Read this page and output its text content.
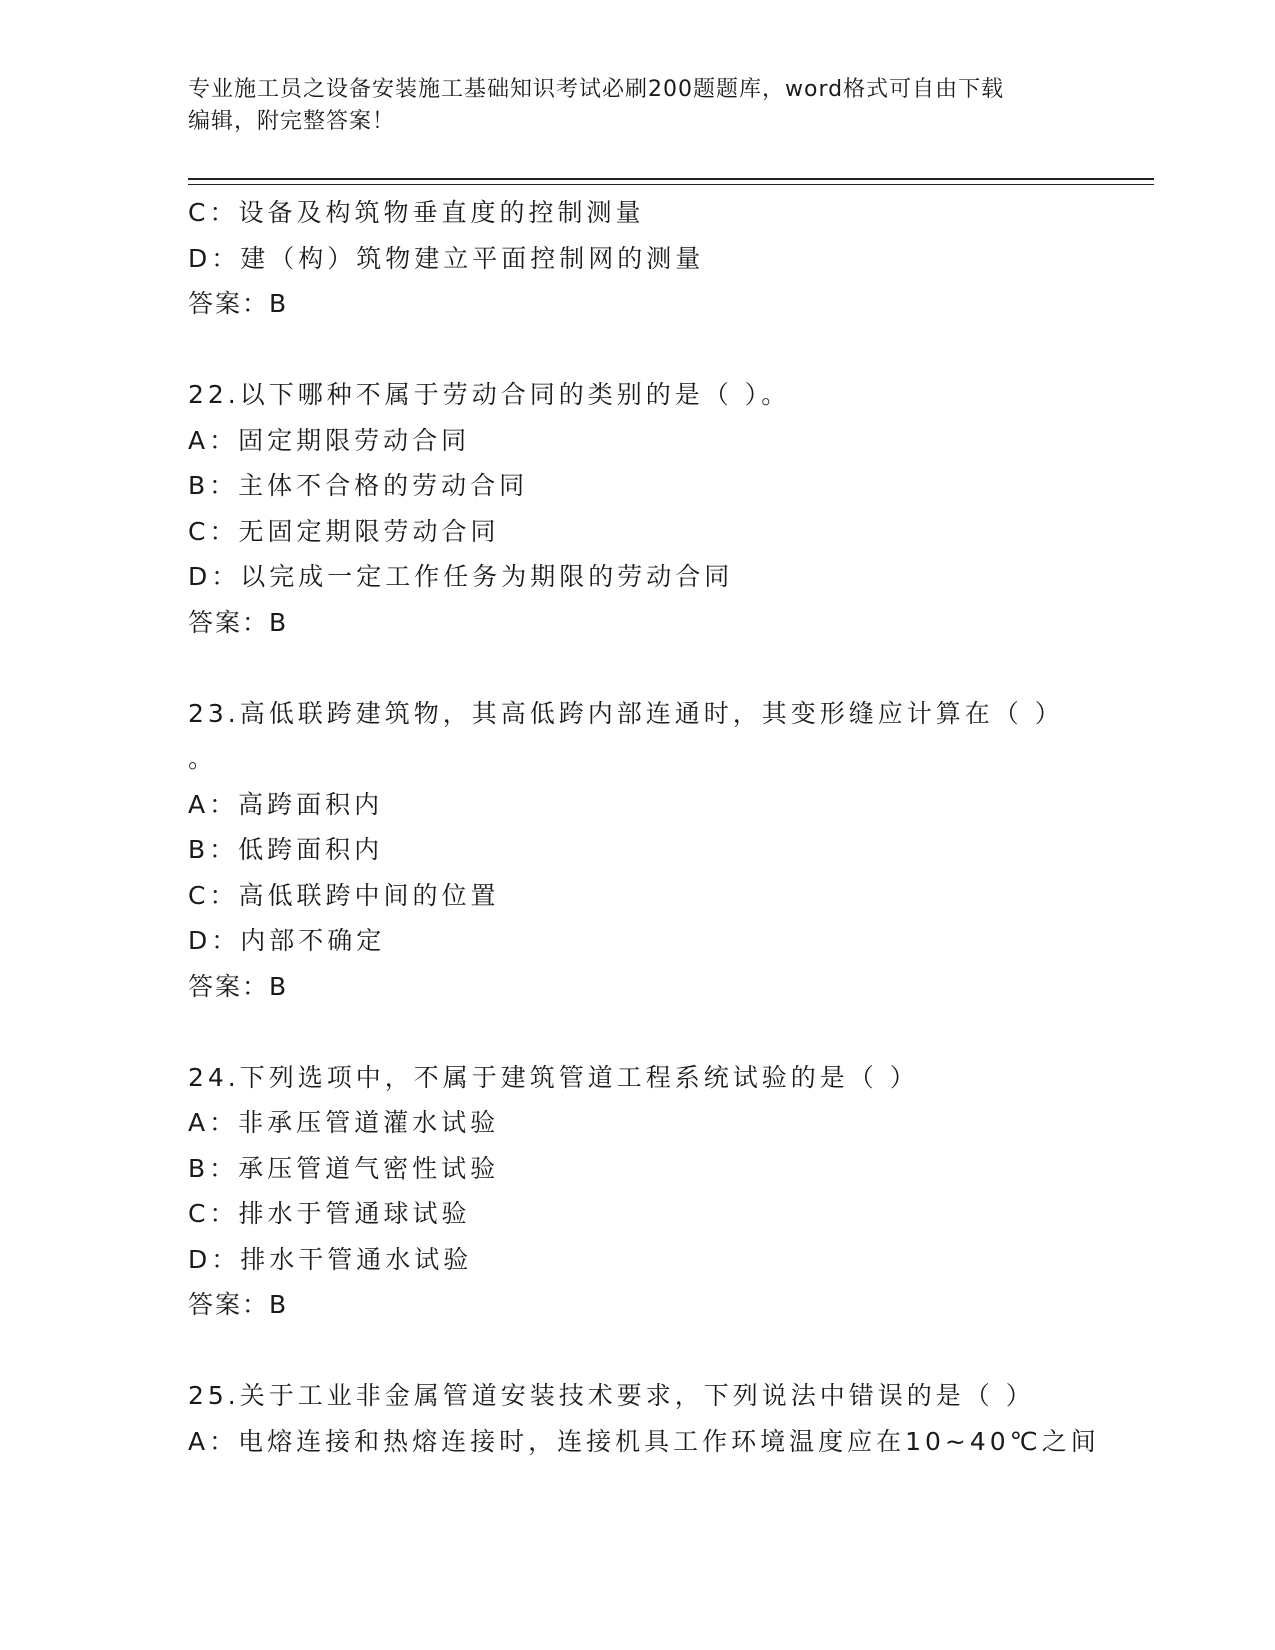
专业施工员之设备安装施工基础知识考试必刷200题题库，word格式可自由下载
编辑，附完整答案！
C：设备及构筑物垂直度的控制测量
D：建（构）筑物建立平面控制网的测量
答案：B
22.以下哪种不属于劳动合同的类别的是（ ）。
A：固定期限劳动合同
B：主体不合格的劳动合同
C：无固定期限劳动合同
D：以完成一定工作任务为期限的劳动合同
答案：B
23.高低联跨建筑物，其高低跨内部连通时，其变形缝应计算在（ ）
。
A：高跨面积内
B：低跨面积内
C：高低联跨中间的位置
D：内部不确定
答案：B
24.下列选项中，不属于建筑管道工程系统试验的是（ ）
A：非承压管道灌水试验
B：承压管道气密性试验
C：排水于管通球试验
D：排水干管通水试验
答案：B
25.关于工业非金属管道安装技术要求，下列说法中错误的是（ ）
A：电熔连接和热熔连接时，连接机具工作环境温度应在10~40℃之间
